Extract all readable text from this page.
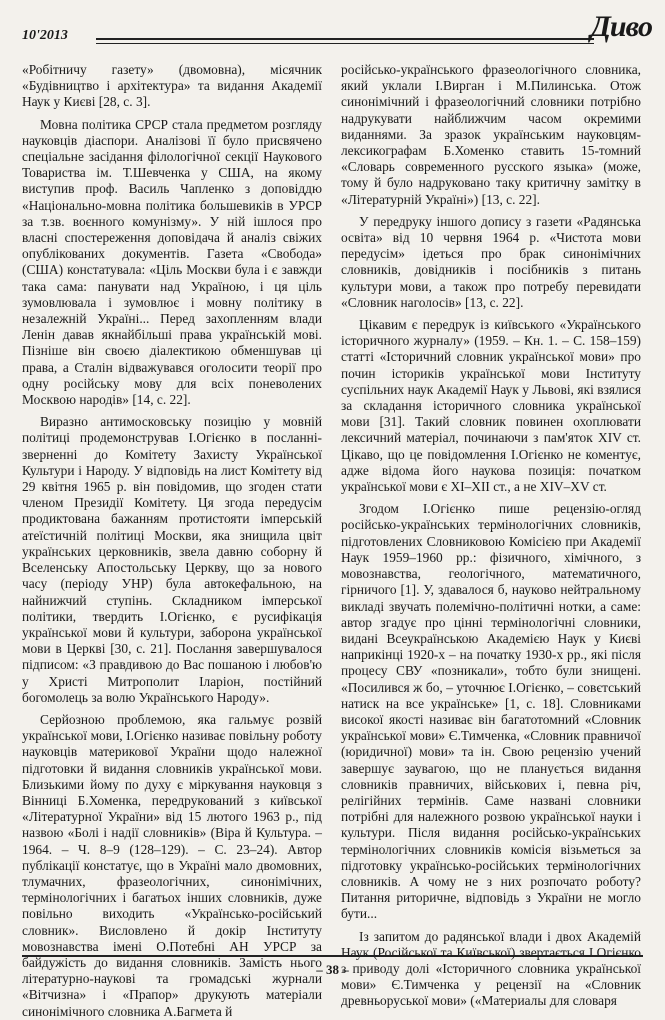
10'2013	Дивo

«Робітничу газету» (двомовна), місячник «Будівництво і архітектура» та видання Академії Наук у Києві [28, с. 3].

Мовна політика СРСР стала предметом розгляду науковців діаспори. Аналізові її було присвячено спеціальне засідання філологічної секції Наукового Товариства ім. Т.Шевченка у США, на якому виступив проф. Василь Чапленко з доповіддю «Національно-мовна політика большевиків в УРСР за т.зв. воєнного комунізму». У ній ішлося про власні спостереження доповідача й аналіз свіжих опублікованих документів. Газета «Свобода» (США) констатувала: «Ціль Москви була і є завжди така сама: панувати над Україною, і ця ціль зумовлювала і зумовлює і мовну політику в незалежній Україні... Перед захопленням влади Ленін давав якнайбільші права українській мові. Пізніше він своєю діалектикою обменшував ці права, а Сталін відважувався оголосити теорії про одну російську мову для всіх поневолених Москвою народів» [14, с. 22].

Виразно антимосковську позицію у мовній політиці продемонстрував І.Огієнко в посланні-зверненні до Комітету Захисту Української Культури і Народу. У відповідь на лист Комітету від 29 квітня 1965 р. він повідомив, що згоден стати членом Президії Комітету. Ця згода передусім продиктована бажанням протистояти імперській атеїстичній політиці Москви, яка знищила цвіт українських церковників, звела давню соборну й Вселенську Апостольську Церкву, що за нового часу (періоду УНР) була автокефальною, на найнижчий ступінь. Складником імперської політики, твердить І.Огієнко, є русифікація української мови й культури, заборона української мови в Церкві [30, с. 21]. Послання завершувалося підписом: «З правдивою до Вас пошаною і любов'ю у Христі Митрополит Іларіон, постійний богомолець за волю Українського Народу».

Серйозною проблемою, яка гальмує розвій української мови, І.Огієнко називає повільну роботу науковців материкової України щодо належної підготовки й видання словників української мови. Близькими йому по духу є міркування науковця з Вінниці Б.Хоменка, передрукований з київської «Літературної України» від 15 лютого 1963 р., під назвою «Болі і надії словників» (Віра й Культура. – 1964. – Ч. 8–9 (128–129). – С. 23–24). Автор публікації констатує, що в Україні мало двомовних, тлумачних, фразеологічних, синонімічних, термінологічних і багатьох інших словників, дуже повільно виходить «Українсько-російський словник». Висловлено й докір Інституту мовознавства імені О.Потебні АН УРСР за байдужість до видання словників. Замість нього літературно-наукові та громадські журнали «Вітчизна» і «Прапор» друкують матеріали синонімічного словника А.Багмета й

російсько-українського фразеологічного словника, який уклали І.Вирган і М.Пилинська. Отож синонімічний і фразеологічний словники потрібно надрукувати найближчим часом окремими виданнями. За зразок українським науковцям-лексикографам Б.Хоменко ставить 15-томний «Словарь современного русского языка» (може, тому й було надруковано таку критичну замітку в «Літературній Україні») [13, с. 22].

У передруку іншого допису з газети «Радянська освіта» від 10 червня 1964 р. «Чистота мови передусім» ідеться про брак синонімічних словників, довідників і посібників з питань культури мови, а також про потребу перевидати «Словник наголосів» [13, с. 22].

Цікавим є передрук із київського «Українського історичного журналу» (1959. – Кн. 1. – С. 158–159) статті «Історичний словник української мови» про почин істориків української мови Інституту суспільних наук Академії Наук у Львові, які взялися за складання історичного словника української мови [31]. Такий словник повинен охоплювати лексичний матеріал, починаючи з пам'яток XIV ст. Цікаво, що це повідомлення І.Огієнко не коментує, адже відома його наукова позиція: початком української мови є XI–XII ст., а не XIV–XV ст.

Згодом І.Огієнко пише рецензію-огляд російсько-українських термінологічних словників, підготовлених Словниковою Комісією при Академії Наук 1959–1960 рр.: фізичного, хімічного, з мовознавства, геологічного, математичного, гірничого [1]. У, здавалося б, науково нейтральному викладі звучать полемічно-політичні нотки, а саме: автор згадує про цінні термінологічні словники, видані Всеукраїнською Академією Наук у Києві наприкінці 1920-х – на початку 1930-х рр., які після процесу СВУ «позникали», тобто були знищені. «Посилився ж бо, – уточнює І.Огієнко, – совєтський натиск на все українське» [1, с. 18]. Словниками високої якості називає він багатотомний «Словник української мови» Є.Тимченка, «Словник правничої (юридичної) мови» та ін. Свою рецензію учений завершує заувагою, що не планується видання словників правничих, військових і, певна річ, релігійних термінів. Саме названі словники потрібні для належного розвою української науки і культури. Після видання російсько-українських термінологічних словників комісія візьметься за підготовку українсько-російських термінологічних словників. А чому не з них розпочато роботу? Питання риторичне, відповідь з України не могло бути...

Із запитом до радянської влади і двох Академій Наук (Російської та Київської) звертається І.Огієнко з приводу долі «Історичного словника української мови» Є.Тимченка у рецензії на «Словник древньоруської мови» («Материалы для словаря

– 38 –
